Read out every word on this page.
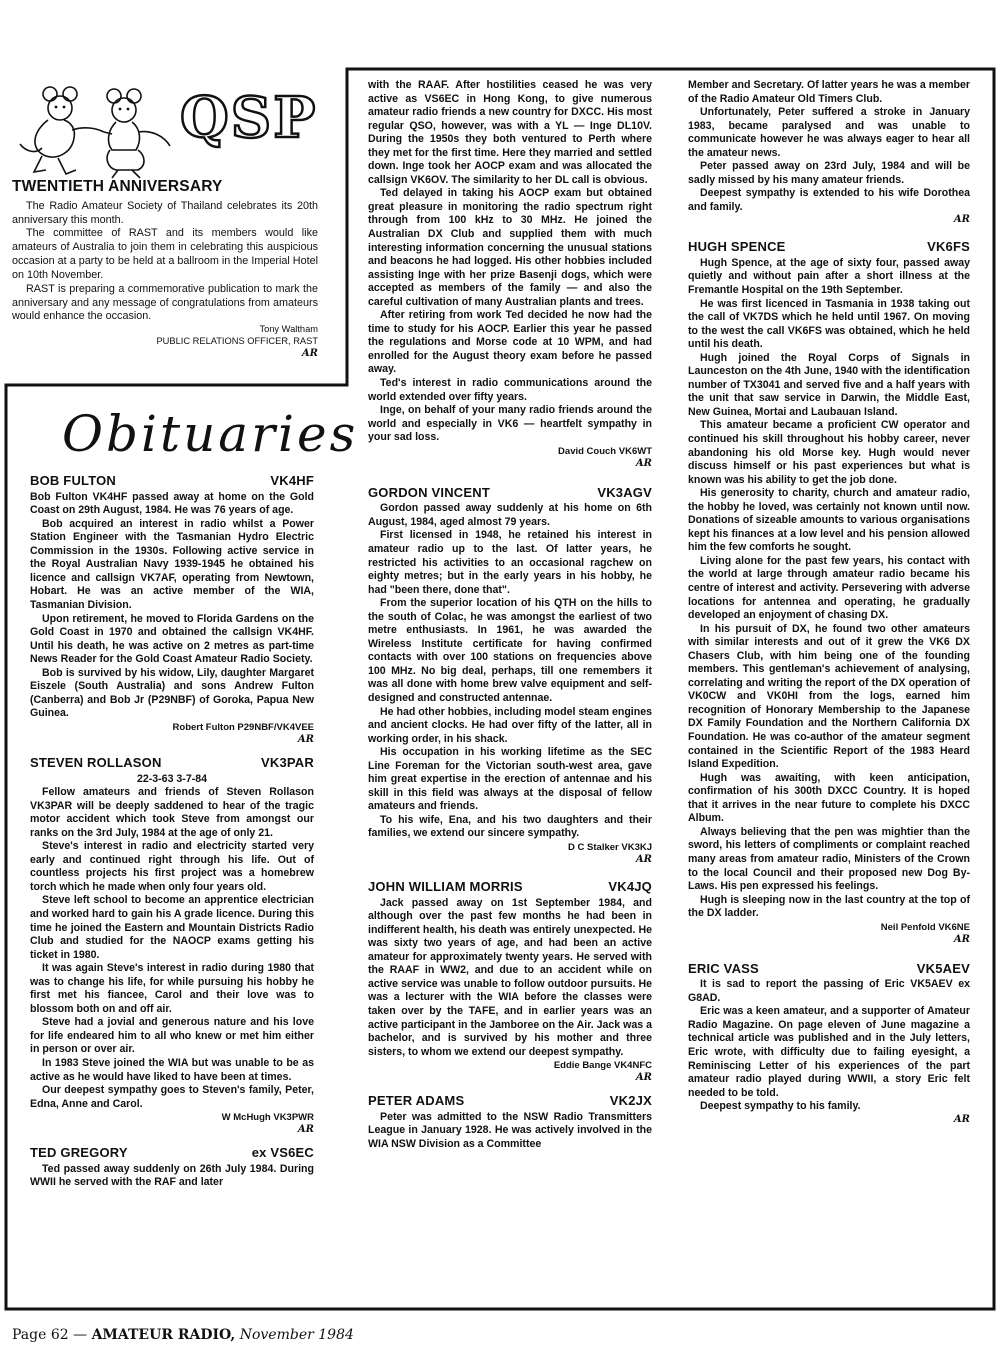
QSP
TWENTIETH ANNIVERSARY

The Radio Amateur Society of Thailand celebrates its 20th anniversary this month.

The committee of RAST and its members would like amateurs of Australia to join them in celebrating this auspicious occasion at a party to be held at a ballroom in the Imperial Hotel on 10th November.

RAST is preparing a commemorative publication to mark the anniversary and any message of congratulations from amateurs would enhance the occasion.

Tony Waltham
PUBLIC RELATIONS OFFICER, RAST
AR
Obituaries
BOB FULTON	VK4HF

Bob Fulton VK4HF passed away at home on the Gold Coast on 29th August, 1984. He was 76 years of age.

Bob acquired an interest in radio whilst a Power Station Engineer with the Tasmanian Hydro Electric Commission in the 1930s. Following active service in the Royal Australian Navy 1939-1945 he obtained his licence and callsign VK7AF, operating from Newtown, Hobart. He was an active member of the WIA, Tasmanian Division.

Upon retirement, he moved to Florida Gardens on the Gold Coast in 1970 and obtained the callsign VK4HF. Until his death, he was active on 2 metres as part-time News Reader for the Gold Coast Amateur Radio Society.

Bob is survived by his widow, Lily, daughter Margaret Eiszele (South Australia) and sons Andrew Fulton (Canberra) and Bob Jr (P29NBF) of Goroka, Papua New Guinea.

Robert Fulton P29NBF/VK4VEE
AR
STEVEN ROLLASON	VK3PAR
22-3-63 3-7-84

Fellow amateurs and friends of Steven Rollason VK3PAR will be deeply saddened to hear of the tragic motor accident which took Steve from amongst our ranks on the 3rd July, 1984 at the age of only 21.

Steve's interest in radio and electricity started very early and continued right through his life. Out of countless projects his first project was a homebrew torch which he made when only four years old.

Steve left school to become an apprentice electrician and worked hard to gain his A grade licence. During this time he joined the Eastern and Mountain Districts Radio Club and studied for the NAOCP exams getting his ticket in 1980.

It was again Steve's interest in radio during 1980 that was to change his life, for while pursuing his hobby he first met his fiancee, Carol and their love was to blossom both on and off air.

Steve had a jovial and generous nature and his love for life endeared him to all who knew or met him either in person or over air.

In 1983 Steve joined the WIA but was unable to be as active as he would have liked to have been at times.

Our deepest sympathy goes to Steven's family, Peter, Edna, Anne and Carol.

W McHugh VK3PWR
AR
TED GREGORY	ex VS6EC

Ted passed away suddenly on 26th July 1984. During WWII he served with the RAF and later

with the RAAF. After hostilities ceased he was very active as VS6EC in Hong Kong, to give numerous amateur radio friends a new country for DXCC. His most regular QSO, however, was with a YL — Inge DL10V. During the 1950s they both ventured to Perth where they met for the first time. Here they married and settled down. Inge took her AOCP exam and was allocated the callsign VK6OV. The similarity to her DL call is obvious.

Ted delayed in taking his AOCP exam but obtained great pleasure in monitoring the radio spectrum right through from 100 kHz to 30 MHz. He joined the Australian DX Club and supplied them with much interesting information concerning the unusual stations and beacons he had logged. His other hobbies included assisting Inge with her prize Basenji dogs, which were accepted as members of the family — and also the careful cultivation of many Australian plants and trees.

After retiring from work Ted decided he now had the time to study for his AOCP. Earlier this year he passed the regulations and Morse code at 10 WPM, and had enrolled for the August theory exam before he passed away.

Ted's interest in radio communications around the world extended over fifty years.

Inge, on behalf of your many radio friends around the world and especially in VK6 — heartfelt sympathy in your sad loss.

David Couch VK6WT
AR
GORDON VINCENT	VK3AGV

Gordon passed away suddenly at his home on 6th August, 1984, aged almost 79 years.

First licensed in 1948, he retained his interest in amateur radio up to the last. Of latter years, he restricted his activities to an occasional ragchew on eighty metres; but in the early years in his hobby, he had "been there, done that".

From the superior location of his QTH on the hills to the south of Colac, he was amongst the earliest of two metre enthusiasts. In 1961, he was awarded the Wireless Institute certificate for having confirmed contacts with over 100 stations on frequencies above 100 MHz. No big deal, perhaps, till one remembers it was all done with home brew valve equipment and self-designed and constructed antennae.

He had other hobbies, including model steam engines and ancient clocks. He had over fifty of the latter, all in working order, in his shack.

His occupation in his working lifetime as the SEC Line Foreman for the Victorian south-west area, gave him great expertise in the erection of antennae and his skill in this field was always at the disposal of fellow amateurs and friends.

To his wife, Ena, and his two daughters and their families, we extend our sincere sympathy.

D C Stalker VK3KJ
AR
JOHN WILLIAM MORRIS	VK4JQ

Jack passed away on 1st September 1984, and although over the past few months he had been in indifferent health, his death was entirely unexpected. He was sixty two years of age, and had been an active amateur for approximately twenty years. He served with the RAAF in WW2, and due to an accident while on active service was unable to follow outdoor pursuits. He was a lecturer with the WIA before the classes were taken over by the TAFE, and in earlier years was an active participant in the Jamboree on the Air. Jack was a bachelor, and is survived by his mother and three sisters, to whom we extend our deepest sympathy.

Eddie Bange VK4NFC
AR
PETER ADAMS	VK2JX

Peter was admitted to the NSW Radio Transmitters League in January 1928. He was actively involved in the WIA NSW Division as a Committee

Member and Secretary. Of latter years he was a member of the Radio Amateur Old Timers Club.

Unfortunately, Peter suffered a stroke in January 1983, became paralysed and was unable to communicate however he was always eager to hear all the amateur news.

Peter passed away on 23rd July, 1984 and will be sadly missed by his many amateur friends.

Deepest sympathy is extended to his wife Dorothea and family.

AR
HUGH SPENCE	VK6FS

Hugh Spence, at the age of sixty four, passed away quietly and without pain after a short illness at the Fremantle Hospital on the 19th September.

He was first licenced in Tasmania in 1938 taking out the call of VK7DS which he held until 1967. On moving to the west the call VK6FS was obtained, which he held until his death.

Hugh joined the Royal Corps of Signals in Launceston on the 4th June, 1940 with the identification number of TX3041 and served five and a half years with the unit that saw service in Darwin, the Middle East, New Guinea, Mortai and Laubauan Island.

This amateur became a proficient CW operator and continued his skill throughout his hobby career, never abandoning his old Morse key. Hugh would never discuss himself or his past experiences but what is known was his ability to get the job done.

His generosity to charity, church and amateur radio, the hobby he loved, was certainly not known until now. Donations of sizeable amounts to various organisations kept his finances at a low level and his pension allowed him the few comforts he sought.

Living alone for the past few years, his contact with the world at large through amateur radio became his centre of interest and activity. Persevering with adverse locations for antennea and operating, he gradually developed an enjoyment of chasing DX.

In his pursuit of DX, he found two other amateurs with similar interests and out of it grew the VK6 DX Chasers Club, with him being one of the founding members. This gentleman's achievement of analysing, correlating and writing the report of the DX operation of VK0CW and VK0HI from the logs, earned him recognition of Honorary Membership to the Japanese DX Family Foundation and the Northern California DX Foundation. He was co-author of the amateur segment contained in the Scientific Report of the 1983 Heard Island Expedition.

Hugh was awaiting, with keen anticipation, confirmation of his 300th DXCC Country. It is hoped that it arrives in the near future to complete his DXCC Album.

Always believing that the pen was mightier than the sword, his letters of compliments or complaint reached many areas from amateur radio, Ministers of the Crown to the local Council and their proposed new Dog By-Laws. His pen expressed his feelings.

Hugh is sleeping now in the last country at the top of the DX ladder.

Neil Penfold VK6NE
AR
ERIC VASS	VK5AEV

It is sad to report the passing of Eric VK5AEV ex G8AD.

Eric was a keen amateur, and a supporter of Amateur Radio Magazine. On page eleven of June magazine a technical article was published and in the July letters, Eric wrote, with difficulty due to failing eyesight, a Reminiscing Letter of his experiences of the part amateur radio played during WWII, a story Eric felt needed to be told.

Deepest sympathy to his family.

AR
Page 62 — AMATEUR RADIO, November 1984
